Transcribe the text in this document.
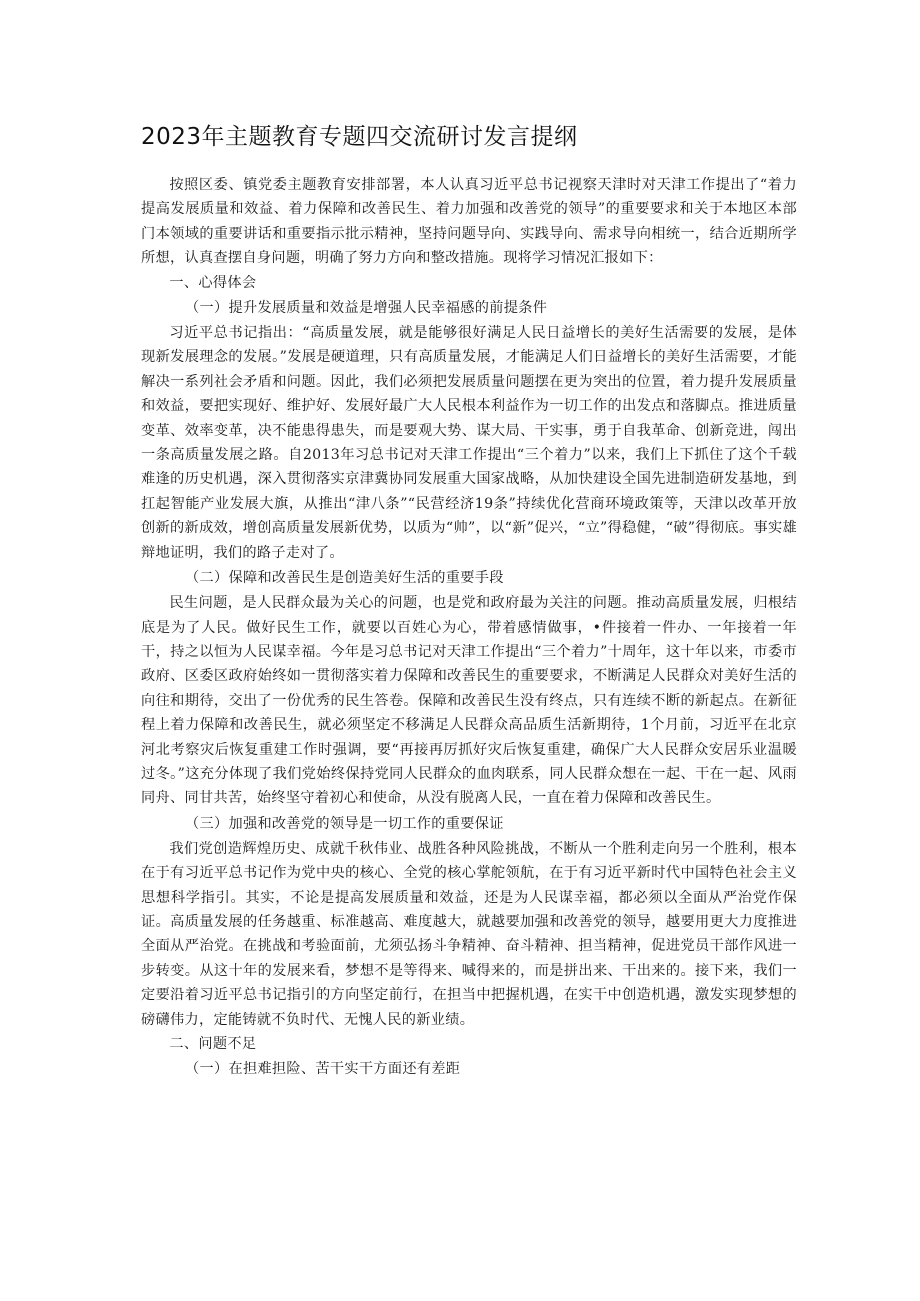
2023年主题教育专题四交流研讨发言提纲

按照区委、镇党委主题教育安排部署，本人认真习近平总书记视察天津时对天津工作提出了“着力提高发展质量和效益、着力保障和改善民生、着力加强和改善党的领导”的重要要求和关于本地区本部门本领域的重要讲话和重要指示批示精神，坚持问题导向、实践导向、需求导向相统一，结合近期所学所想，认真查摆自身问题，明确了努力方向和整改措施。现将学习情况汇报如下：

一、心得体会

（一）提升发展质量和效益是增强人民幸福感的前提条件

习近平总书记指出：“高质量发展，就是能够很好满足人民日益增长的美好生活需要的发展，是体现新发展理念的发展。”发展是硬道理，只有高质量发展，才能满足人们日益增长的美好生活需要，才能解决一系列社会矛盾和问题。因此，我们必须把发展质量问题摆在更为突出的位置，着力提升发展质量和效益，要把实现好、维护好、发展好最广大人民根本利益作为一切工作的出发点和落脚点。推进质量变革、效率变革，决不能患得患失，而是要观大势、谋大局、干实事，勇于自我革命、创新竞进，闯出一条高质量发展之路。自2013年习总书记对天津工作提出“三个着力”以来，我们上下抓住了这个千载难逢的历史机遇，深入贯彻落实京津冀协同发展重大国家战略，从加快建设全国先进制造研发基地，到扛起智能产业发展大旗，从推出“津八条”“民营经济19条”持续优化营商环境政策等，天津以改革开放创新的新成效，增创高质量发展新优势，以质为“帅”，以“新”促兴，“立”得稳健，“破”得彻底。事实雄辩地证明，我们的路子走对了。

（二）保障和改善民生是创造美好生活的重要手段

民生问题，是人民群众最为关心的问题，也是党和政府最为关注的问题。推动高质量发展，归根结底是为了人民。做好民生工作，就要以百姓心为心，带着感情做事，•件接着一件办、一年接着一年干，持之以恒为人民谋幸福。今年是习总书记对天津工作提出“三个着力”十周年，这十年以来，市委市政府、区委区政府始终如一贯彻落实着力保障和改善民生的重要要求，不断满足人民群众对美好生活的向往和期待，交出了一份优秀的民生答卷。保障和改善民生没有终点，只有连续不断的新起点。在新征程上着力保障和改善民生，就必须坚定不移满足人民群众高品质生活新期待，1个月前，习近平在北京河北考察灾后恢复重建工作时强调，要“再接再厉抓好灾后恢复重建，确保广大人民群众安居乐业温暖过冬。”这充分体现了我们党始终保持党同人民群众的血肉联系，同人民群众想在一起、干在一起、风雨同舟、同甘共苦，始终坚守着初心和使命，从没有脱离人民，一直在着力保障和改善民生。

（三）加强和改善党的领导是一切工作的重要保证

我们党创造辉煌历史、成就千秋伟业、战胜各种风险挑战，不断从一个胜利走向另一个胜利，根本在于有习近平总书记作为党中央的核心、全党的核心掌舵领航，在于有习近平新时代中国特色社会主义思想科学指引。其实，不论是提高发展质量和效益，还是为人民谋幸福，都必须以全面从严治党作保证。高质量发展的任务越重、标准越高、难度越大，就越要加强和改善党的领导，越要用更大力度推进全面从严治党。在挑战和考验面前，尤须弘扬斗争精神、奋斗精神、担当精神，促进党员干部作风进一步转变。从这十年的发展来看，梦想不是等得来、喊得来的，而是拼出来、干出来的。接下来，我们一定要沿着习近平总书记指引的方向坚定前行，在担当中把握机遇，在实干中创造机遇，激发实现梦想的磅礴伟力，定能铸就不负时代、无愧人民的新业绩。

二、问题不足

（一）在担难担险、苦干实干方面还有差距
